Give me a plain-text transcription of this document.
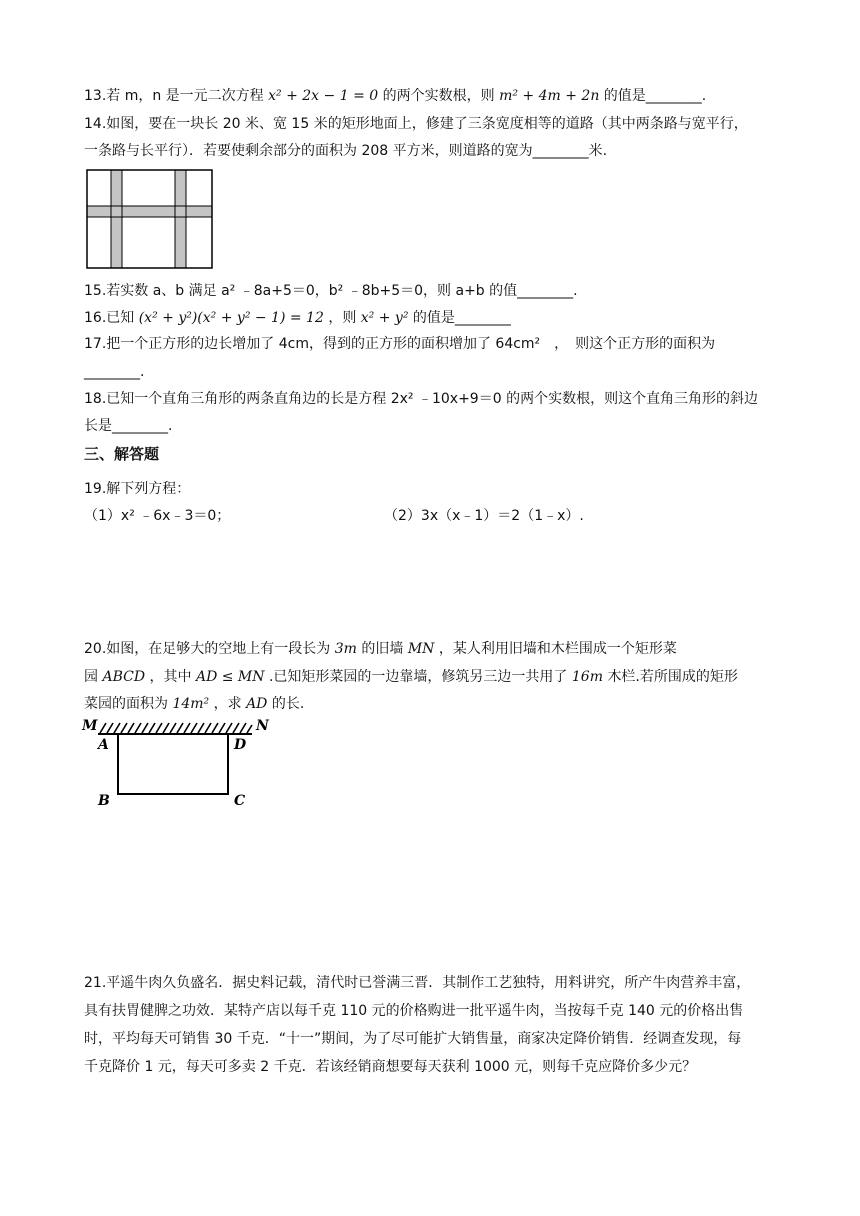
13.若 m，n 是一元二次方程 x² + 2x − 1 = 0 的两个实数根，则 m² + 4m + 2n 的值是________.
14.如图，要在一块长 20 米、宽 15 米的矩形地面上，修建了三条宽度相等的道路（其中两条路与宽平行，
一条路与长平行）．若要使剩余部分的面积为 208 平方米，则道路的宽为________米.
15.若实数 a、b 满足 a² ﹣8a+5＝0，b² ﹣8b+5＝0，则 a+b 的值________.
16.已知 (x² + y²)(x² + y² − 1) = 12 ，则 x² + y² 的值是________
17.把一个正方形的边长增加了 4cm，得到的正方形的面积增加了 64cm²　，　则这个正方形的面积为
________.
18.已知一个直角三角形的两条直角边的长是方程 2x² ﹣10x+9＝0 的两个实数根，则这个直角三角形的斜边
长是________.
三、解答题
19.解下列方程：
（1）x² ﹣6x﹣3＝0；	（2）3x（x﹣1）＝2（1﹣x）.
20.如图，在足够大的空地上有一段长为 3m 的旧墙 MN ，某人利用旧墙和木栏围成一个矩形菜
园 ABCD ，其中 AD ≤ MN .已知矩形菜园的一边靠墙，修筑另三边一共用了 16m 木栏.若所围成的矩形
菜园的面积为 14m² ，求 AD 的长.
M	N
A	D
B	C
21.平遥牛肉久负盛名．据史料记载，清代时已誉满三晋．其制作工艺独特，用料讲究，所产牛肉营养丰富，
具有扶胃健脾之功效．某特产店以每千克 110 元的价格购进一批平遥牛肉，当按每千克 140 元的价格出售
时，平均每天可销售 30 千克．“十一”期间，为了尽可能扩大销售量，商家决定降价销售．经调查发现，每
千克降价 1 元，每天可多卖 2 千克．若该经销商想要每天获利 1000 元，则每千克应降价多少元？
